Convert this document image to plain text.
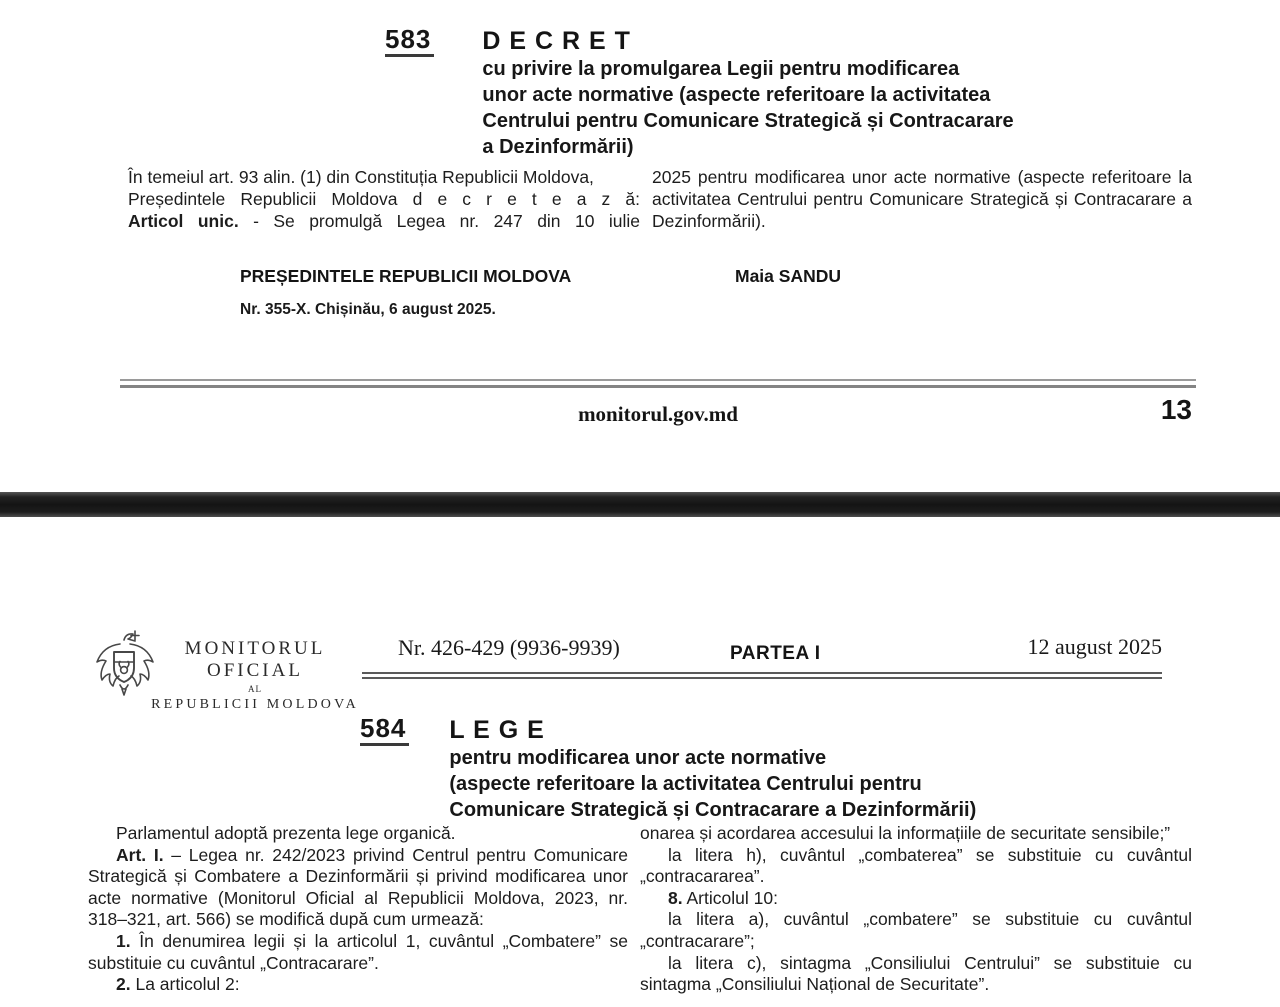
583 D E C R E T
cu privire la promulgarea Legii pentru modificarea
unor acte normative (aspecte referitoare la activitatea
Centrului pentru Comunicare Strategică și Contracarare
a Dezinformării)

În temeiul art. 93 alin. (1) din Constituția Republicii Moldova,

Președintele Republicii Moldova d e c r e t e a z ă:

Articol unic. - Se promulgă Legea nr. 247 din 10 iulie

2025 pentru modificarea unor acte normative (aspecte referitoare la activitatea Centrului pentru Comunicare Strategică și Contracarare a Dezinformării).

PREȘEDINTELE REPUBLICII MOLDOVA	Maia SANDU
Nr. 355-X. Chișinău, 6 august 2025.
monitorul.gov.md	13
MONITORUL OFICIAL
AL
REPUBLICII MOLDOVA
Nr. 426-429 (9936-9939)	PARTEA I	12 august 2025
584 L E G E
pentru modificarea unor acte normative
(aspecte referitoare la activitatea Centrului pentru
Comunicare Strategică și Contracarare a Dezinformării)

Parlamentul adoptă prezenta lege organică.

Art. I. – Legea nr. 242/2023 privind Centrul pentru Comunicare Strategică și Combatere a Dezinformării și privind modificarea unor acte normative (Monitorul Oficial al Republicii Moldova, 2023, nr. 318–321, art. 566) se modifică după cum urmează:

1. În denumirea legii și la articolul 1, cuvântul „Combatere” se substituie cu cuvântul „Contracarare”.

2. La articolul 2:

onarea și acordarea accesului la informațiile de securitate sensibile;”

la litera h), cuvântul „combaterea” se substituie cu cuvântul „contracararea”.

8. Articolul 10:

la litera a), cuvântul „combatere” se substituie cu cuvântul „contracarare”;

la litera c), sintagma „Consiliului Centrului” se substituie cu sintagma „Consiliului Național de Securitate”.
